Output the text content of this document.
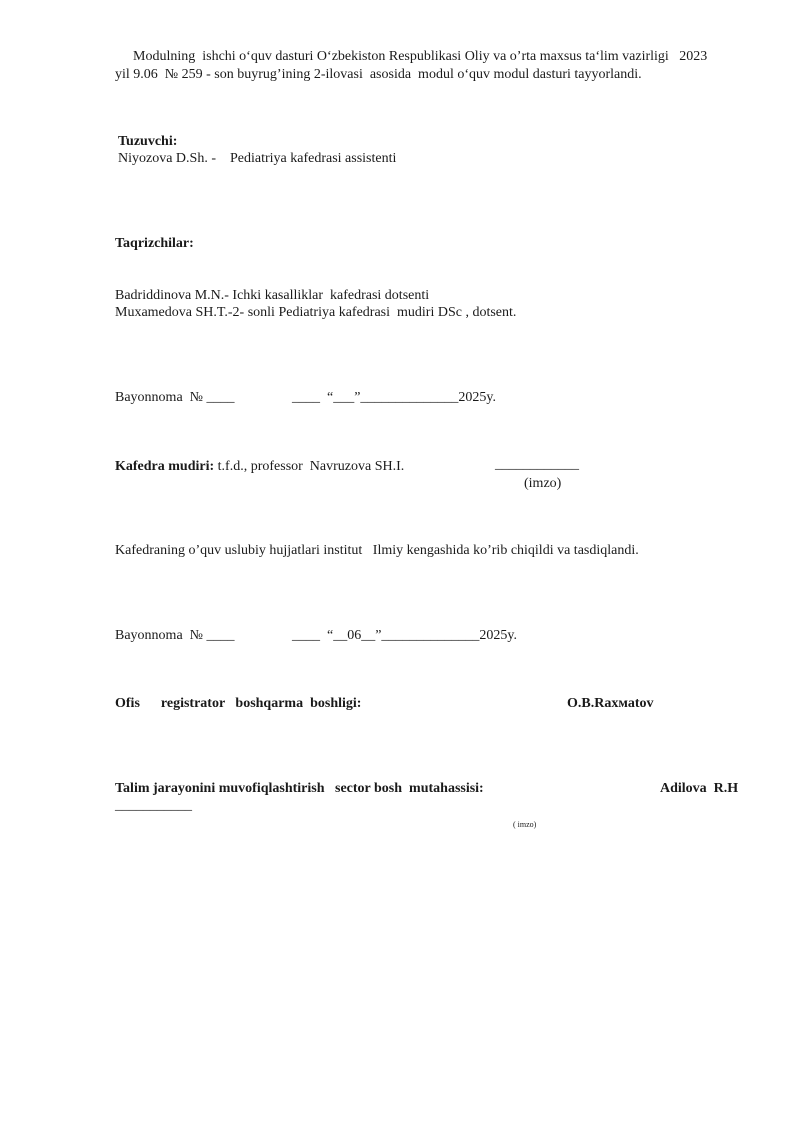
Modulning  ishchi o‘quv dasturi O‘zbekiston Respublikasi Oliy va o’rta maxsus ta‘lim vazirligi   2023
yil 9.06  № 259 - son buyrug’ining 2-ilovasi  asosida  modul o‘quv modul dasturi tayyorlandi.
Tuzuvchi:
Niyozova D.Sh. -    Pediatriya kafedrasi assistenti
Taqrizchilar:
Badriddinova M.N.- Ichki kasalliklar  kafedrasi dotsenti
Muxamedova SH.T.-2- sonli Pediatriya kafedrasi  mudiri DSc , dotsent.
Bayonnoma  № ____	____  “___”______________2025y.
Kafedra mudiri: t.f.d., professor  Navruzova SH.I.	____________
(imzo)
Kafedraning o’quv uslubiy hujjatlari institut   Ilmiy kengashida ko’rib chiqildi va tasdiqlandi.
Bayonnoma  № ____	____  “__06__”______________2025y.
Ofis      registrator   boshqarma  boshligi:	O.B.Raxмatov
Talim jarayonini muvofiqlashtirish   sector bosh  mutahassisi:	Adilova  R.H
___________
( imzo)
